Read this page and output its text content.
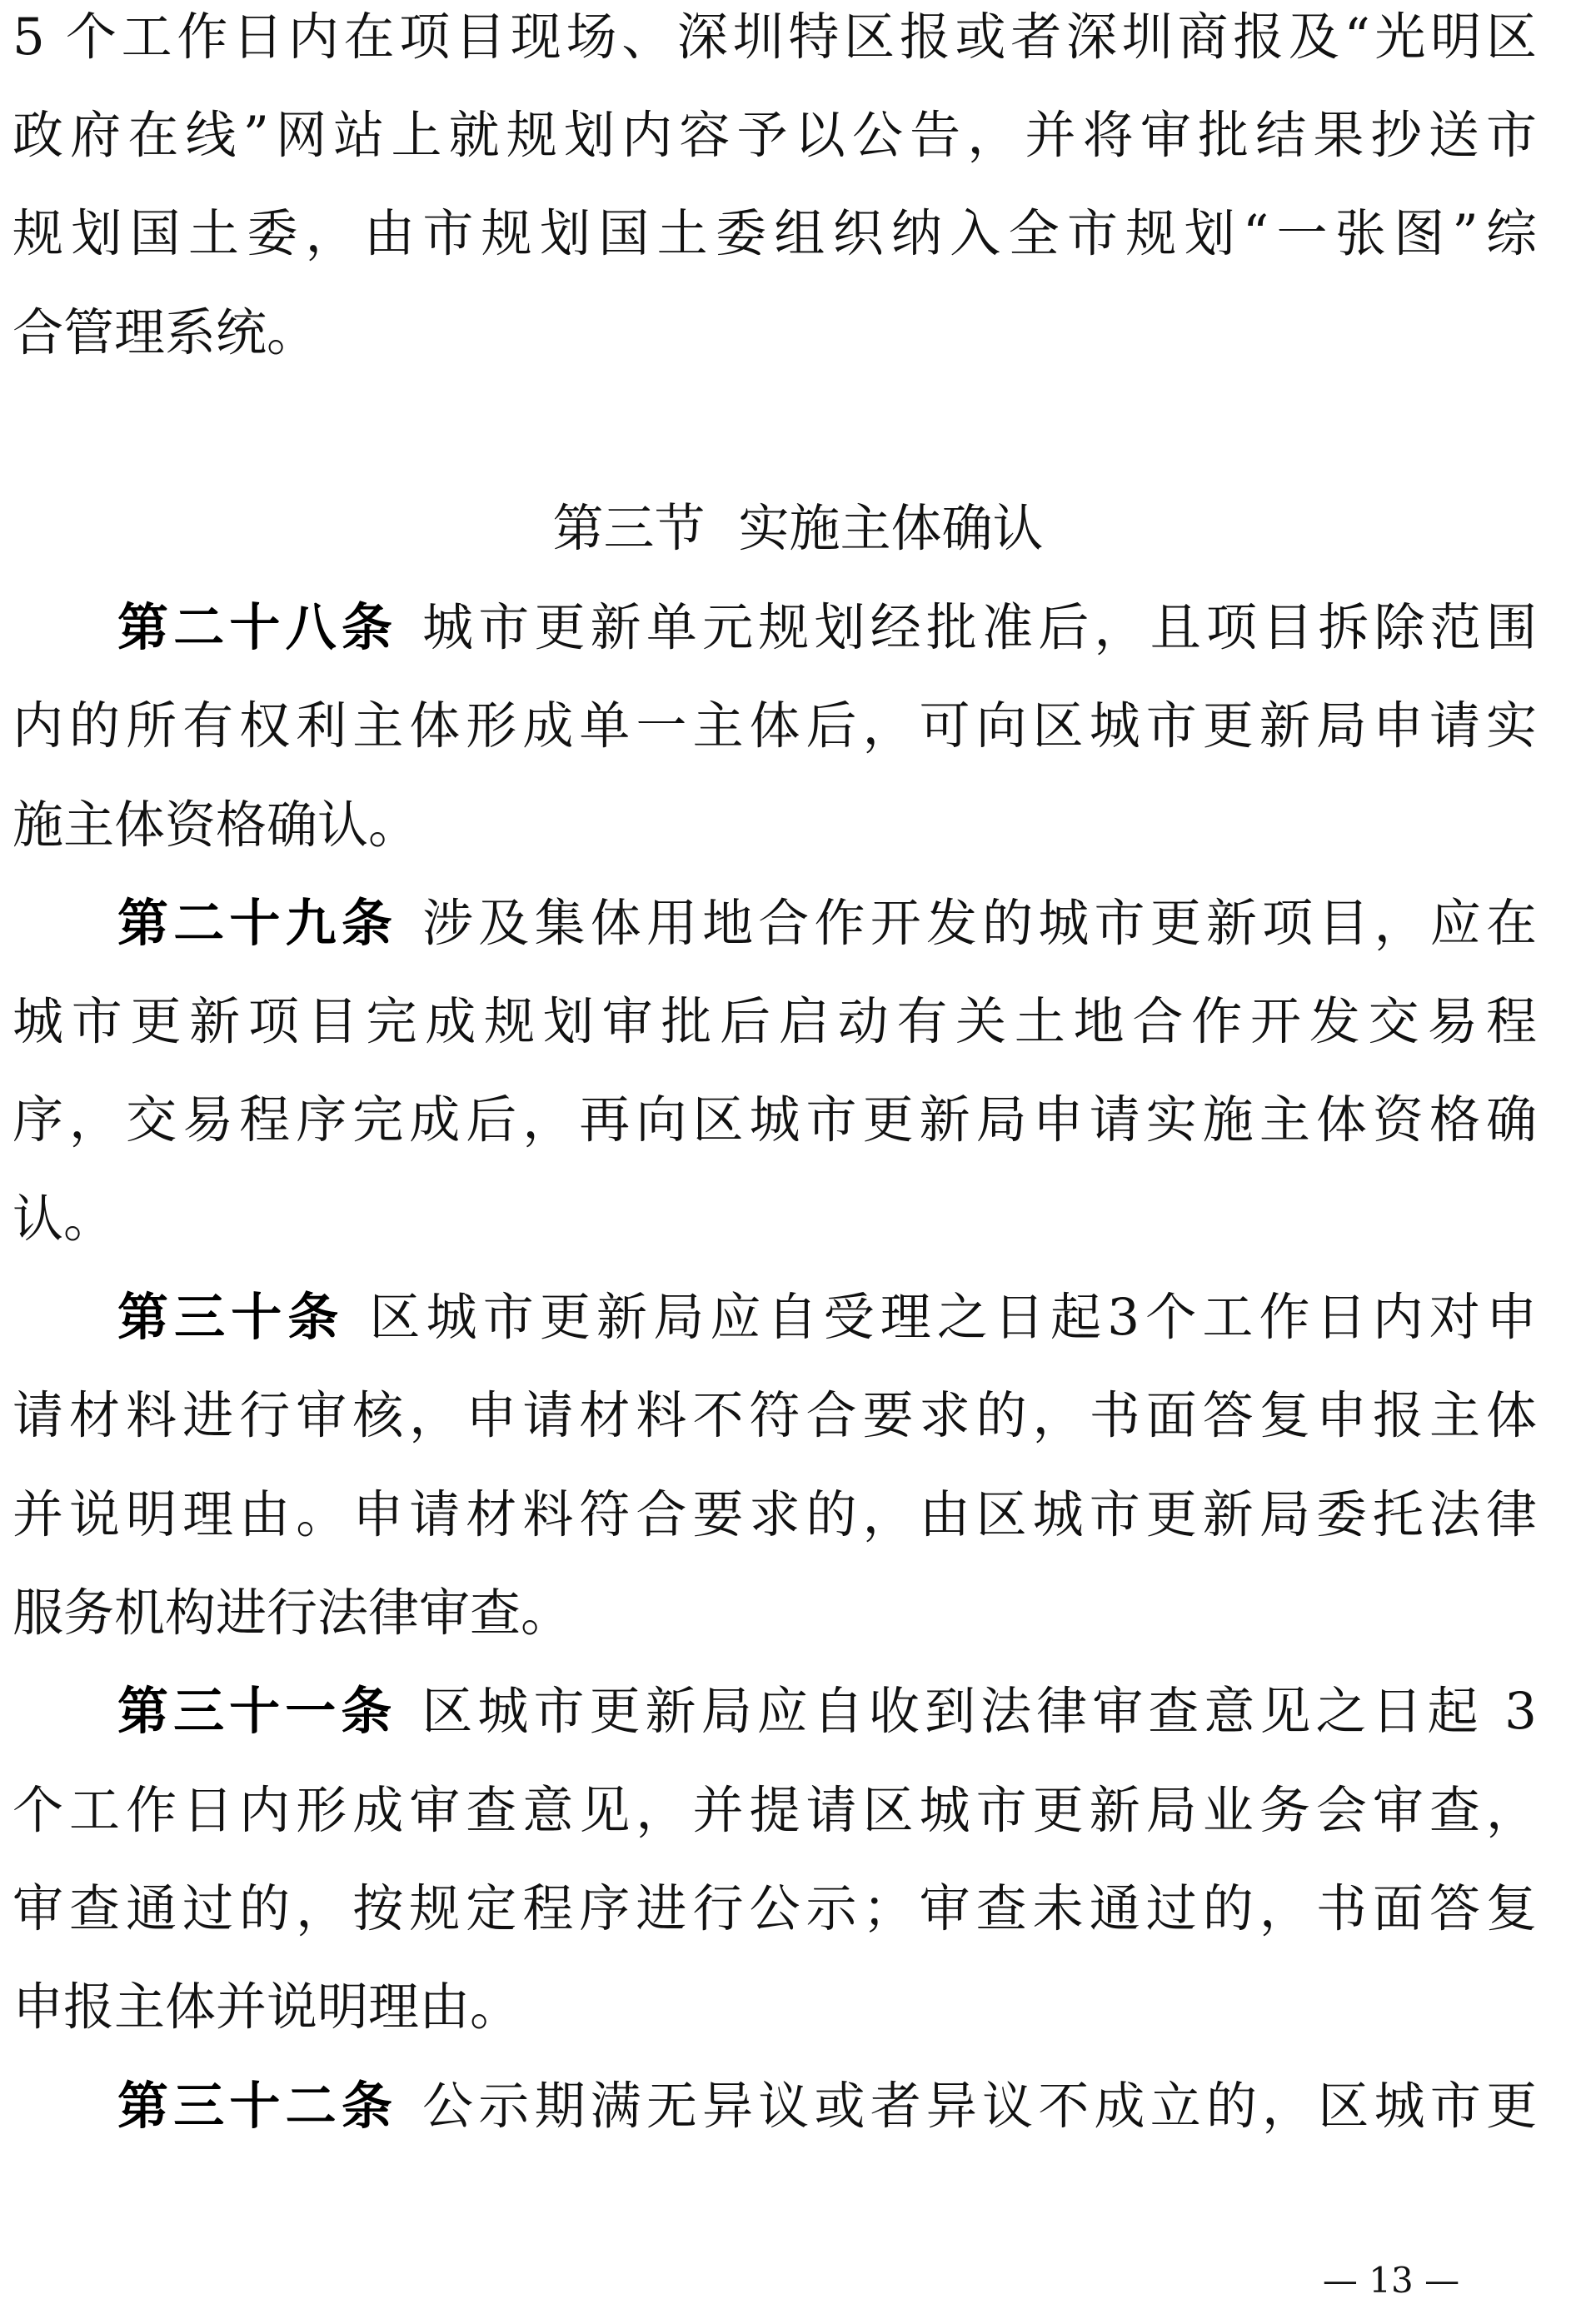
5 个工作日内在项目现场、深圳特区报或者深圳商报及“光明区
政府在线”网站上就规划内容予以公告，并将审批结果抄送市
规划国土委，由市规划国土委组织纳入全市规划“一张图”综
合管理系统。
第三节 实施主体确认
第二十八条 城市更新单元规划经批准后，且项目拆除范围
内的所有权利主体形成单一主体后，可向区城市更新局申请实
施主体资格确认。
第二十九条 涉及集体用地合作开发的城市更新项目，应在
城市更新项目完成规划审批后启动有关土地合作开发交易程
序，交易程序完成后，再向区城市更新局申请实施主体资格确
认。
第三十条 区城市更新局应自受理之日起3个工作日内对申
请材料进行审核，申请材料不符合要求的，书面答复申报主体
并说明理由。申请材料符合要求的，由区城市更新局委托法律
服务机构进行法律审查。
第三十一条 区城市更新局应自收到法律审查意见之日起 3
个工作日内形成审查意见，并提请区城市更新局业务会审查，
审查通过的，按规定程序进行公示；审查未通过的，书面答复
申报主体并说明理由。
第三十二条 公示期满无异议或者异议不成立的，区城市更
— 13 —
